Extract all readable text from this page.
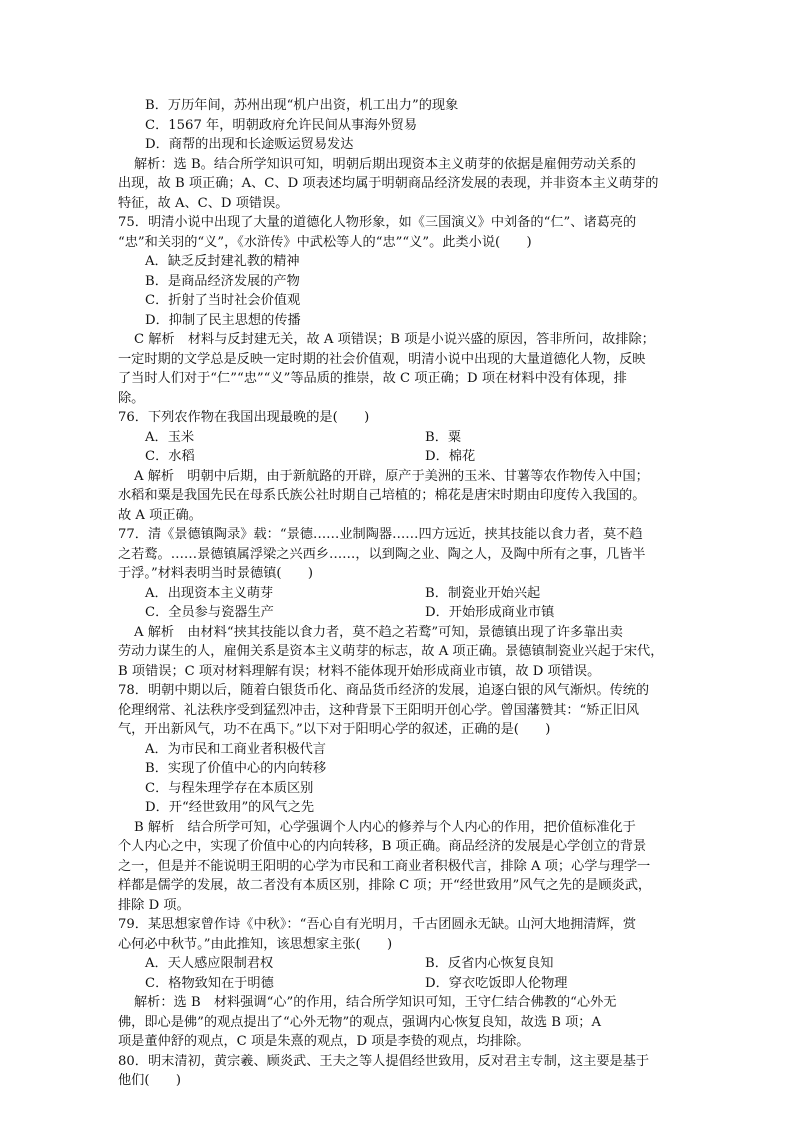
B．万历年间，苏州出现“机户出资，机工出力”的现象
C．1567 年，明朝政府允许民间从事海外贸易
D．商帮的出现和长途贩运贸易发达
解析：选 B。结合所学知识可知，明朝后期出现资本主义萌芽的依据是雇佣劳动关系的
出现，故 B 项正确；A、C、D 项表述均属于明朝商品经济发展的表现，并非资本主义萌芽的
特征，故 A、C、D 项错误。
75．明清小说中出现了大量的道德化人物形象，如《三国演义》中刘备的“仁”、诸葛亮的
“忠”和关羽的“义”，《水浒传》中武松等人的“忠”“义”。此类小说(　　)
A．缺乏反封建礼教的精神
B．是商品经济发展的产物
C．折射了当时社会价值观
D．抑制了民主思想的传播
C 解析　材料与反封建无关，故 A 项错误；B 项是小说兴盛的原因，答非所问，故排除；
一定时期的文学总是反映一定时期的社会价值观，明清小说中出现的大量道德化人物，反映
了当时人们对于“仁”“忠”“义”等品质的推崇，故 C 项正确；D 项在材料中没有体现，排
除。
76．下列农作物在我国出现最晚的是(　　)
A．玉米	B．粟
C．水稻	D．棉花
A 解析　明朝中后期，由于新航路的开辟，原产于美洲的玉米、甘薯等农作物传入中国；
水稻和粟是我国先民在母系氏族公社时期自己培植的；棉花是唐宋时期由印度传入我国的。
故 A 项正确。
77．清《景德镇陶录》载：“景德……业制陶器……四方远近，挟其技能以食力者，莫不趋
之若鹜。……景德镇属浮梁之兴西乡……，以到陶之业、陶之人，及陶中所有之事，几皆半
于浮。”材料表明当时景德镇(　　)
A．出现资本主义萌芽	B．制瓷业开始兴起
C．全员参与瓷器生产	D．开始形成商业市镇
A 解析　由材料“挟其技能以食力者，莫不趋之若鹜”可知，景德镇出现了许多靠出卖
劳动力谋生的人，雇佣关系是资本主义萌芽的标志，故 A 项正确。景德镇制瓷业兴起于宋代，
B 项错误；C 项对材料理解有误；材料不能体现开始形成商业市镇，故 D 项错误。
78．明朝中期以后，随着白银货币化、商品货币经济的发展，追逐白银的风气渐炽。传统的
伦理纲常、礼法秩序受到猛烈冲击，这种背景下王阳明开创心学。曾国藩赞其：“矫正旧风
气，开出新风气，功不在禹下。”以下对于阳明心学的叙述，正确的是(　　)
A．为市民和工商业者积极代言
B．实现了价值中心的内向转移
C．与程朱理学存在本质区别
D．开“经世致用”的风气之先
B 解析　结合所学可知，心学强调个人内心的修养与个人内心的作用，把价值标准化于
个人内心之中，实现了价值中心的内向转移，B 项正确。商品经济的发展是心学创立的背景
之一，但是并不能说明王阳明的心学为市民和工商业者积极代言，排除 A 项；心学与理学一
样都是儒学的发展，故二者没有本质区别，排除 C 项；开“经世致用”风气之先的是顾炎武，
排除 D 项。
79．某思想家曾作诗《中秋》：“吾心自有光明月，千古团圆永无缺。山河大地拥清辉，赏
心何必中秋节。”由此推知，该思想家主张(　　)
A．天人感应限制君权	B．反省内心恢复良知
C．格物致知在于明德	D．穿衣吃饭即人伦物理
解析：选 B　材料强调“心”的作用，结合所学知识可知，王守仁结合佛教的“心外无
佛，即心是佛”的观点提出了“心外无物”的观点，强调内心恢复良知，故选 B 项；A
项是董仲舒的观点，C 项是朱熹的观点，D 项是李贽的观点，均排除。
80．明末清初，黄宗羲、顾炎武、王夫之等人提倡经世致用，反对君主专制，这主要是基于
他们(　　)
